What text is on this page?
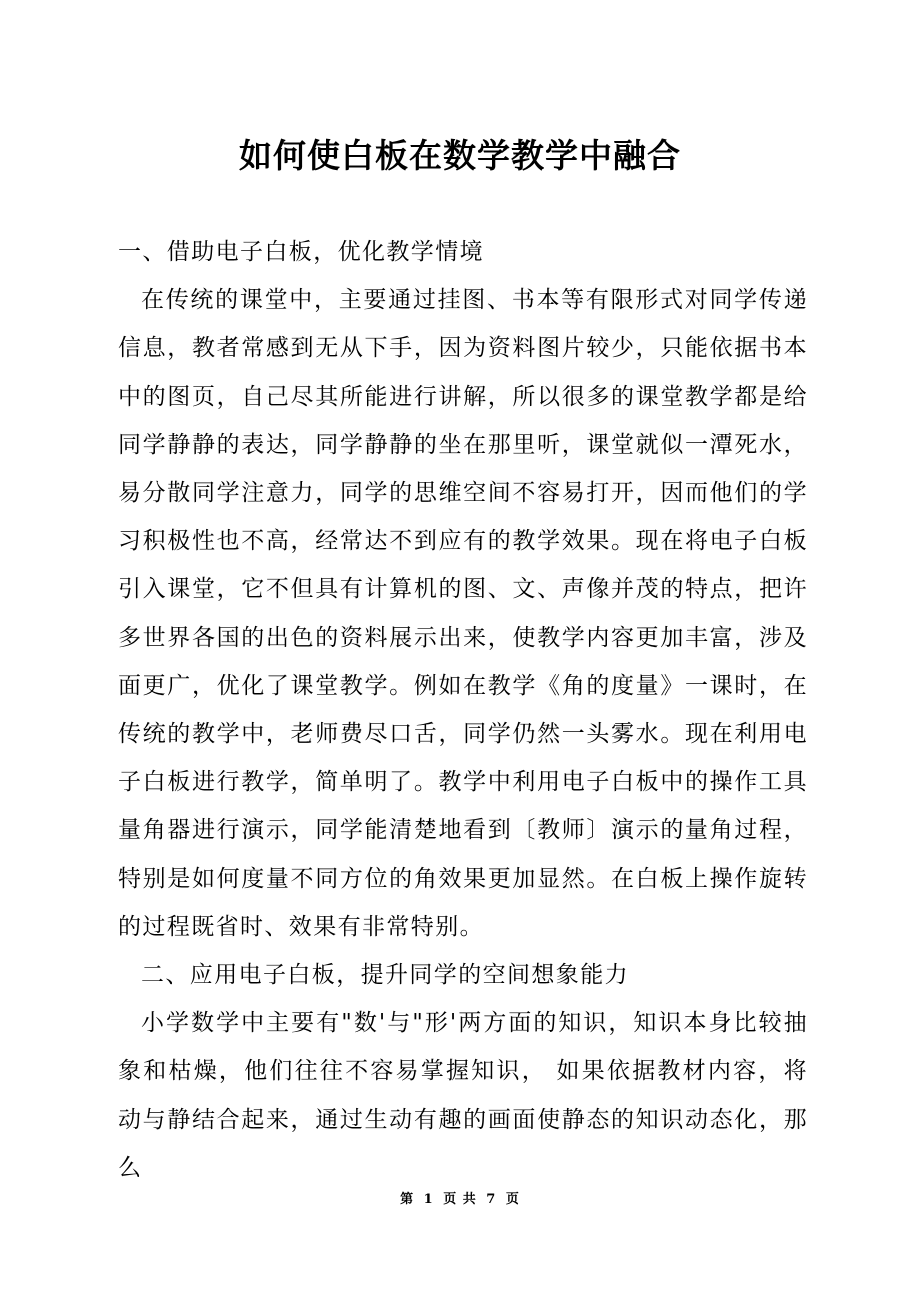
如何使白板在数学教学中融合

一、借助电子白板，优化教学情境

在传统的课堂中，主要通过挂图、书本等有限形式对同学传递信息，教者常感到无从下手，因为资料图片较少，只能依据书本中的图页，自己尽其所能进行讲解，所以很多的课堂教学都是给同学静静的表达，同学静静的坐在那里听，课堂就似一潭死水，易分散同学注意力，同学的思维空间不容易打开，因而他们的学习积极性也不高，经常达不到应有的教学效果。现在将电子白板引入课堂，它不但具有计算机的图、文、声像并茂的特点，把许多世界各国的出色的资料展示出来，使教学内容更加丰富，涉及面更广，优化了课堂教学。例如在教学《角的度量》一课时，在传统的教学中，老师费尽口舌，同学仍然一头雾水。现在利用电子白板进行教学，简单明了。教学中利用电子白板中的操作工具量角器进行演示，同学能清楚地看到〔教师〕演示的量角过程，特别是如何度量不同方位的角效果更加显然。在白板上操作旋转的过程既省时、效果有非常特别。

二、应用电子白板，提升同学的空间想象能力

小学数学中主要有"数'与"形'两方面的知识，知识本身比较抽象和枯燥，他们往往不容易掌握知识， 如果依据教材内容，将动与静结合起来，通过生动有趣的画面使静态的知识动态化，那么

第 1 页 共 7 页
